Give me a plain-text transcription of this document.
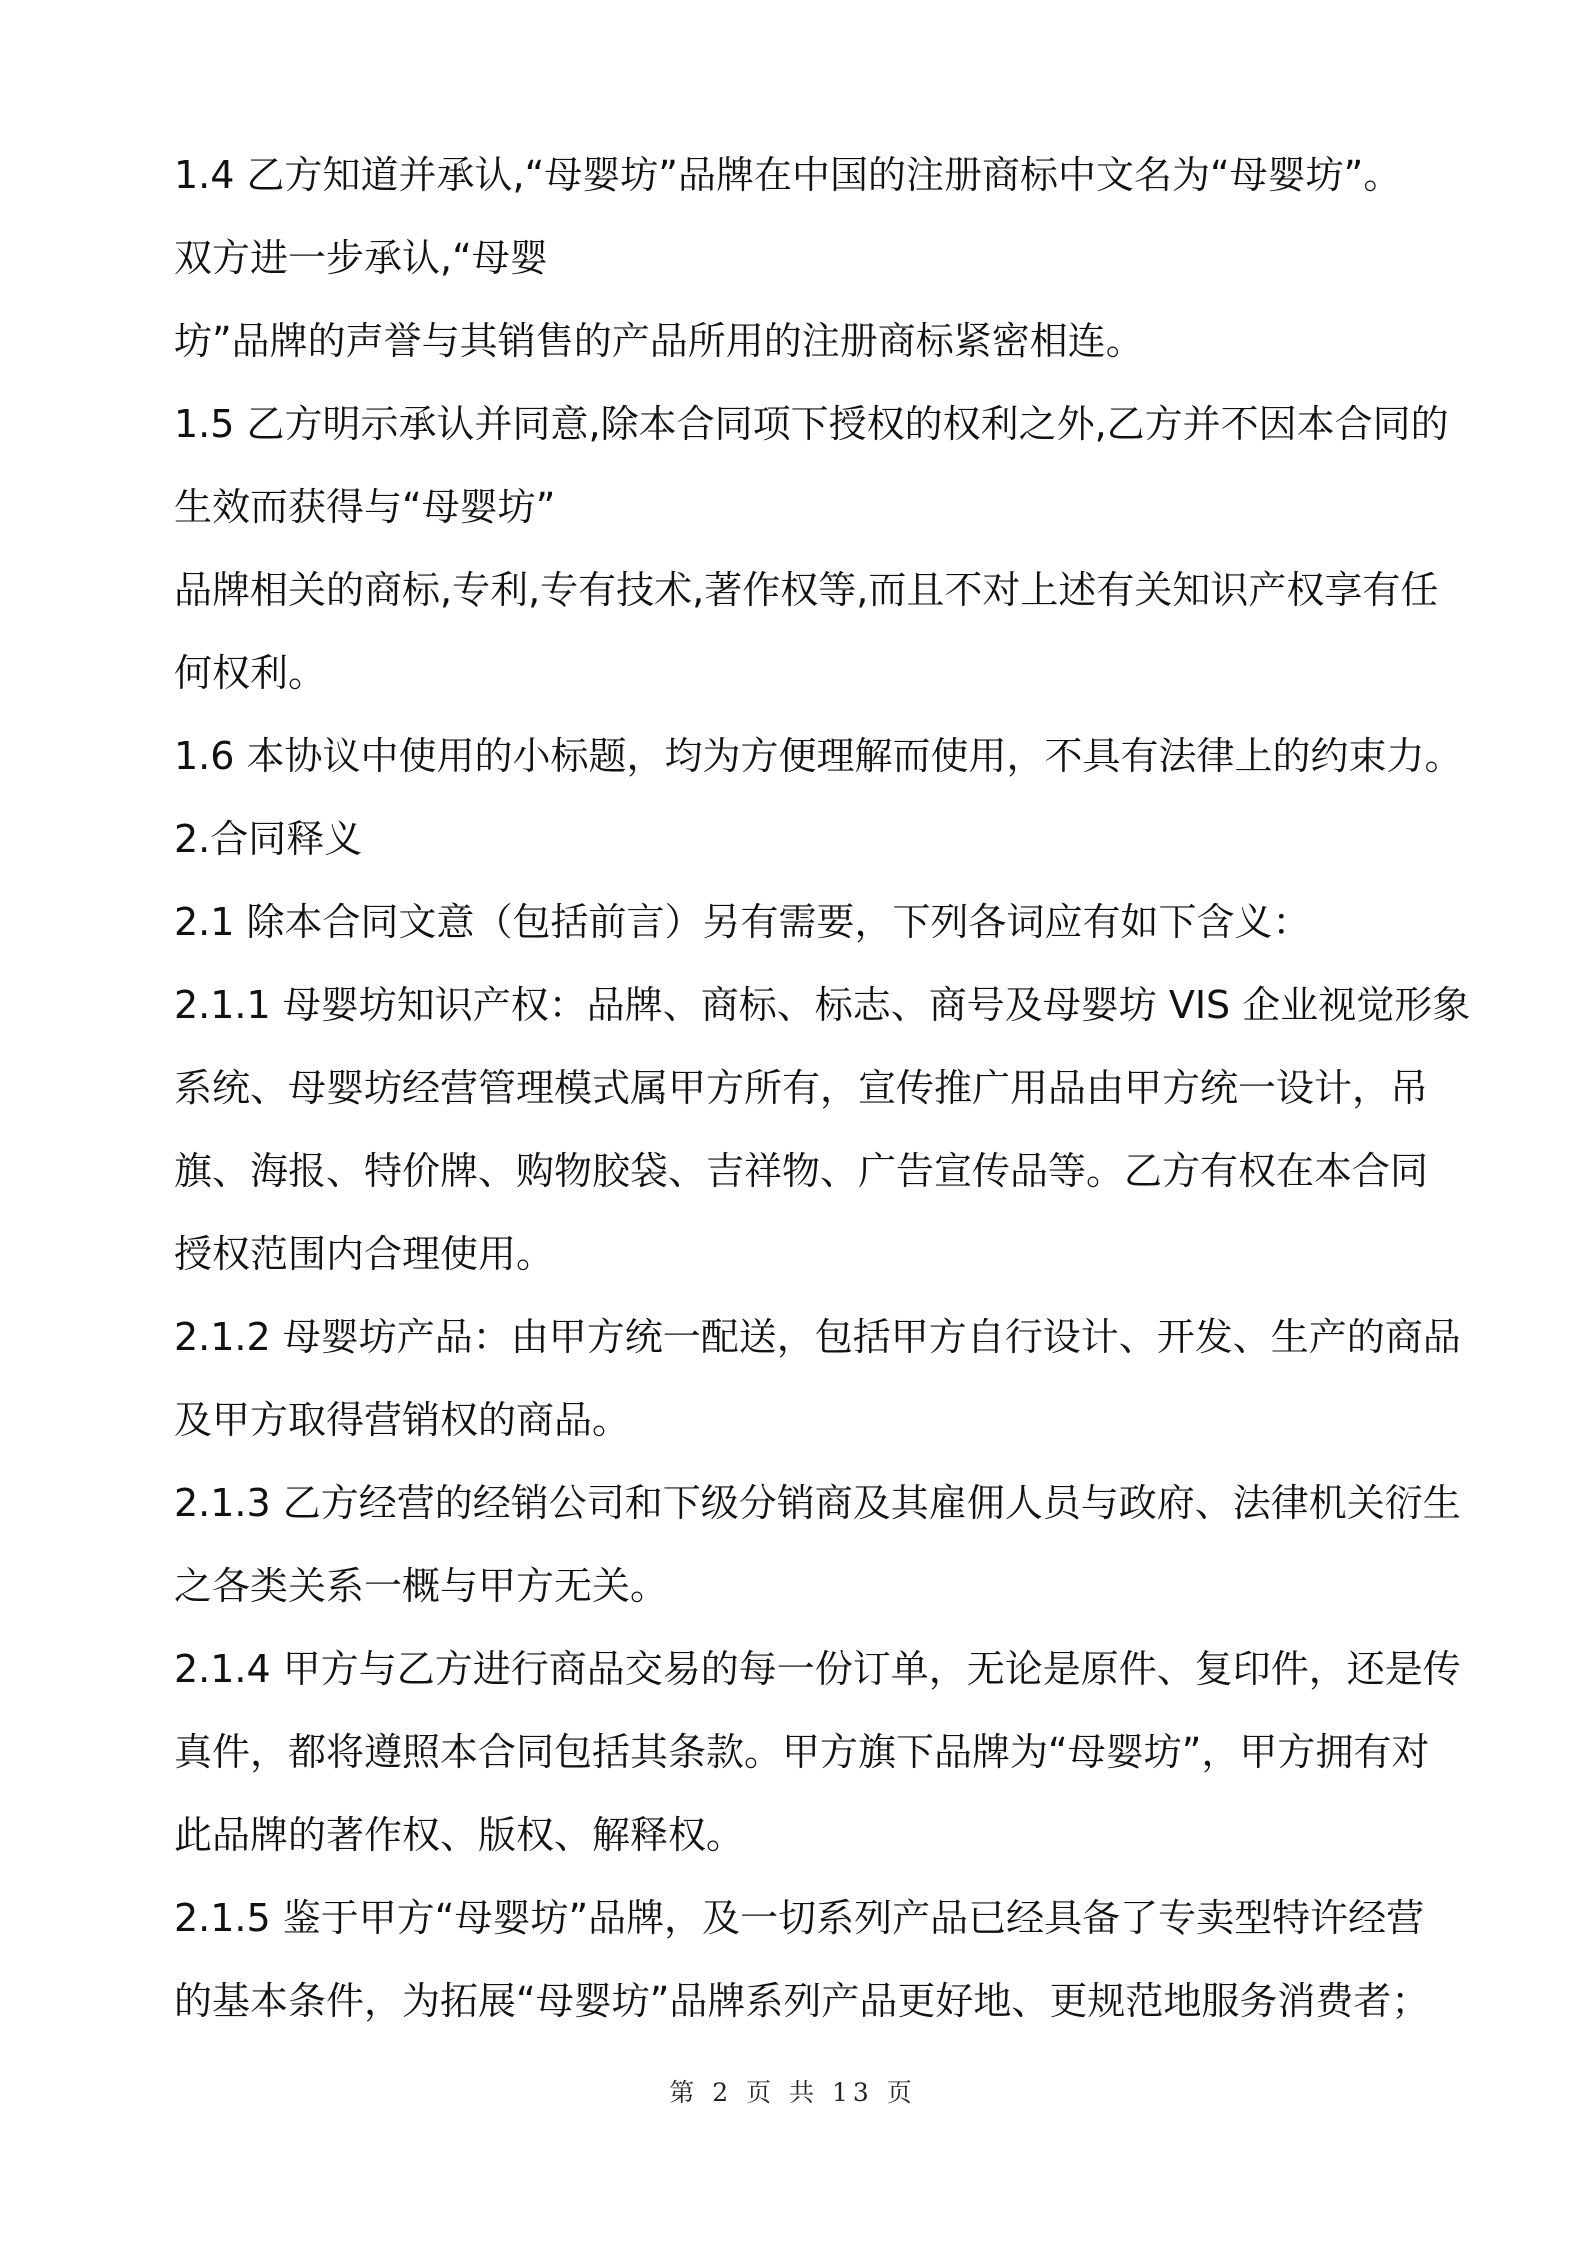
1.4 乙方知道并承认,“母婴坊”品牌在中国的注册商标中文名为“母婴坊”。
双方进一步承认,“母婴
坊”品牌的声誉与其销售的产品所用的注册商标紧密相连。
1.5 乙方明示承认并同意,除本合同项下授权的权利之外,乙方并不因本合同的
生效而获得与“母婴坊”
品牌相关的商标,专利,专有技术,著作权等,而且不对上述有关知识产权享有任
何权利。
1.6 本协议中使用的小标题，均为方便理解而使用，不具有法律上的约束力。
2.合同释义
2.1 除本合同文意（包括前言）另有需要，下列各词应有如下含义：
2.1.1 母婴坊知识产权：品牌、商标、标志、商号及母婴坊 VIS 企业视觉形象
系统、母婴坊经营管理模式属甲方所有，宣传推广用品由甲方统一设计，吊
旗、海报、特价牌、购物胶袋、吉祥物、广告宣传品等。乙方有权在本合同
授权范围内合理使用。
2.1.2 母婴坊产品：由甲方统一配送，包括甲方自行设计、开发、生产的商品
及甲方取得营销权的商品。
2.1.3 乙方经营的经销公司和下级分销商及其雇佣人员与政府、法律机关衍生
之各类关系一概与甲方无关。
2.1.4 甲方与乙方进行商品交易的每一份订单，无论是原件、复印件，还是传
真件，都将遵照本合同包括其条款。甲方旗下品牌为“母婴坊”，甲方拥有对
此品牌的著作权、版权、解释权。
2.1.5 鉴于甲方“母婴坊”品牌，及一切系列产品已经具备了专卖型特许经营
的基本条件，为拓展“母婴坊”品牌系列产品更好地、更规范地服务消费者；
第 2 页 共 13 页
